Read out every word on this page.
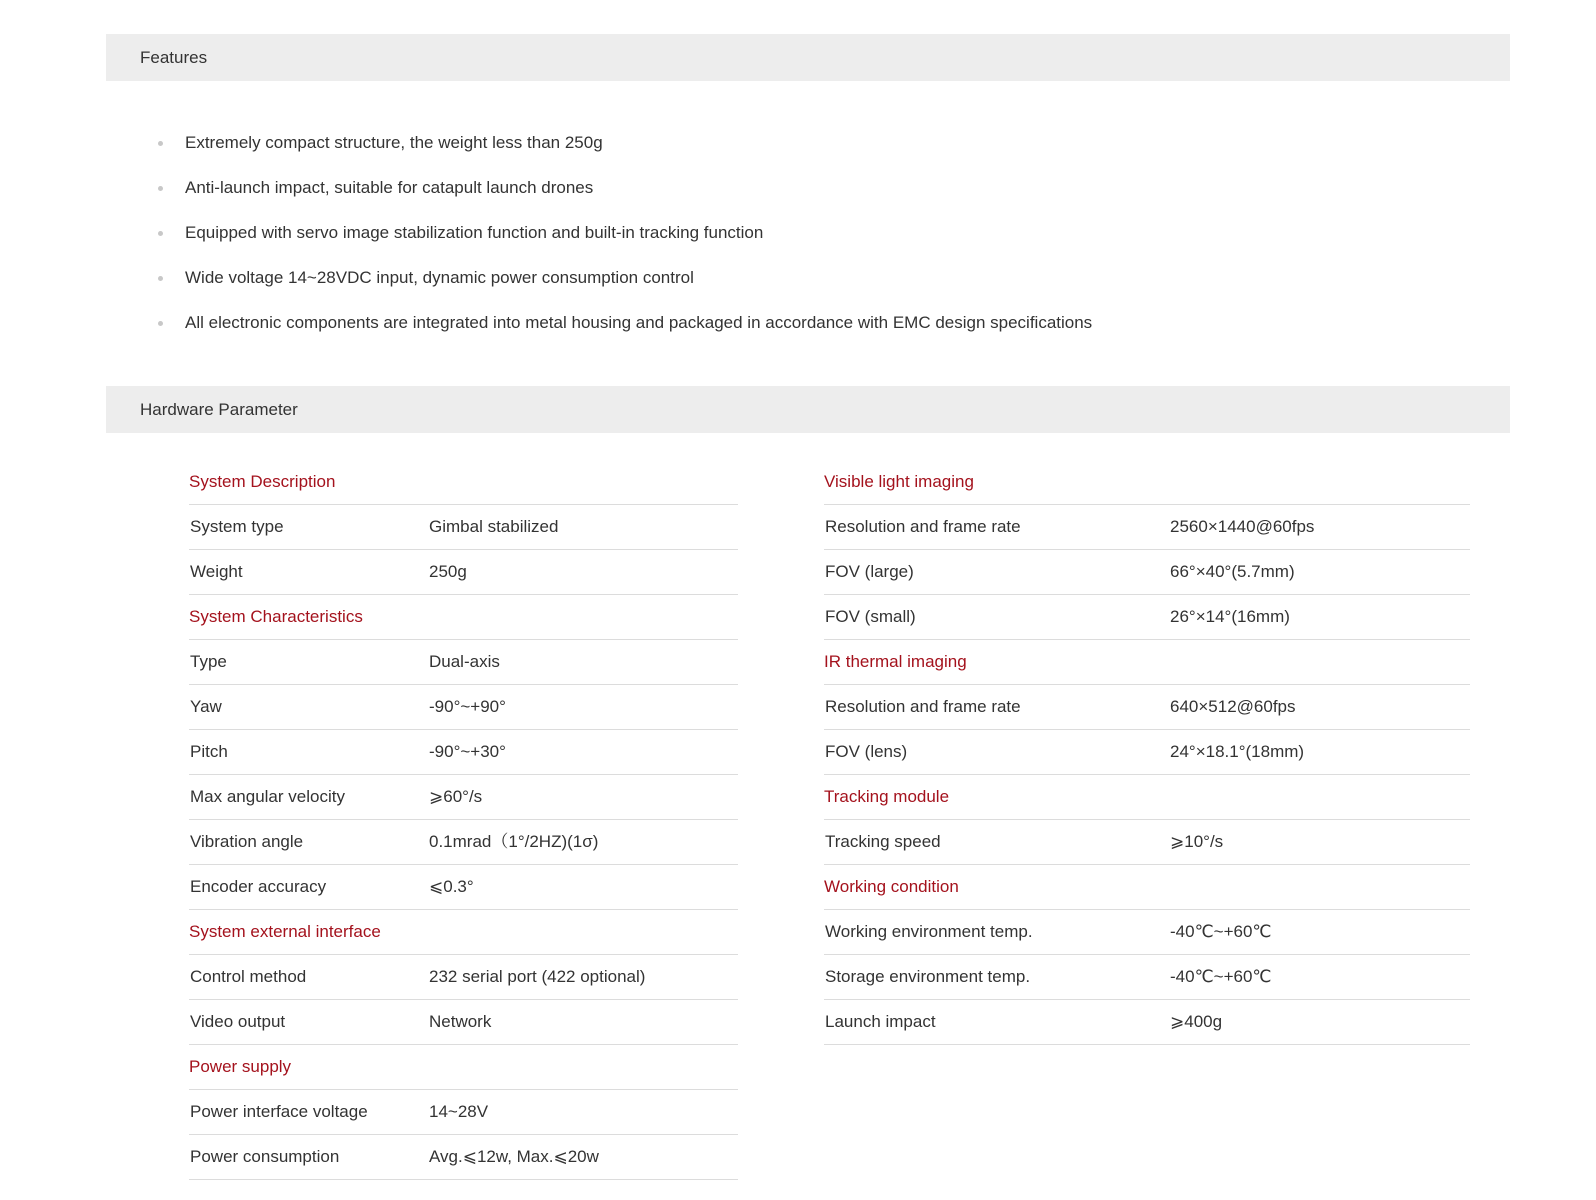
Features
Extremely compact structure, the weight less than 250g
Anti-launch impact, suitable for catapult launch drones
Equipped with servo image stabilization function and built-in tracking function
Wide voltage 14~28VDC input, dynamic power consumption control
All electronic components are integrated into metal housing and packaged in accordance with EMC design specifications
Hardware Parameter
System Description
System type	Gimbal stabilized
Weight	250g
System Characteristics
Type	Dual-axis
Yaw	-90°~+90°
Pitch	-90°~+30°
Max angular velocity	⩾60°/s
Vibration angle	0.1mrad（1°/2HZ)(1σ)
Encoder accuracy	⩽0.3°
System external interface
Control method	232 serial port (422 optional)
Video output	Network
Power supply
Power interface voltage	14~28V
Power consumption	Avg.⩽12w, Max.⩽20w
Visible light imaging
Resolution and frame rate	2560×1440@60fps
FOV (large)	66°×40°(5.7mm)
FOV (small)	26°×14°(16mm)
IR thermal imaging
Resolution and frame rate	640×512@60fps
FOV (lens)	24°×18.1°(18mm)
Tracking module
Tracking speed	⩾10°/s
Working condition
Working environment temp.	-40℃~+60℃
Storage environment temp.	-40℃~+60℃
Launch impact	⩾400g
